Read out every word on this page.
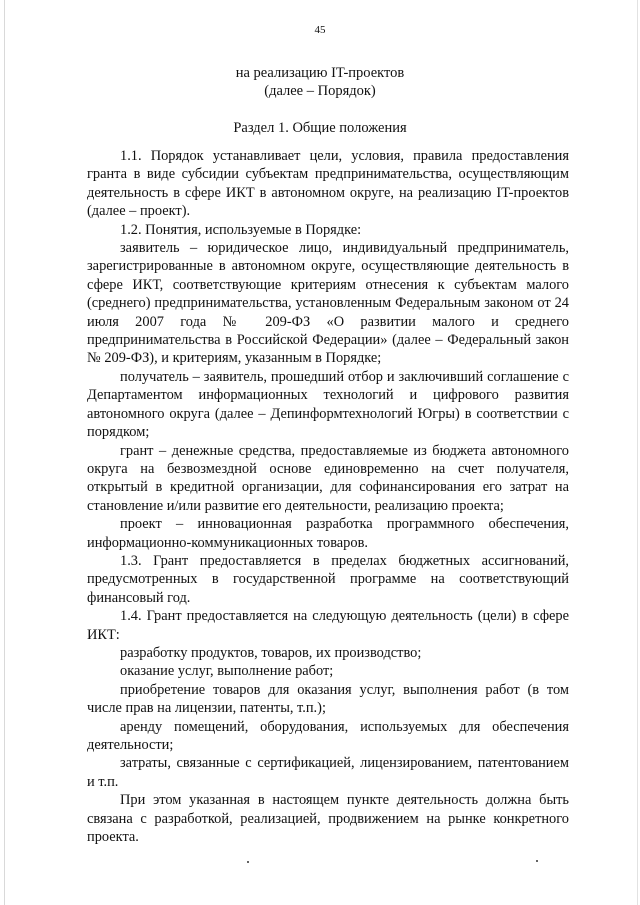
45
на реализацию IT-проектов
(далее – Порядок)
Раздел 1. Общие положения

1.1. Порядок устанавливает цели, условия, правила предоставления гранта в виде субсидии субъектам предпринимательства, осуществляющим деятельность в сфере ИКТ в автономном округе, на реализацию IT-проектов (далее – проект).

1.2. Понятия, используемые в Порядке:

заявитель – юридическое лицо, индивидуальный предприниматель, зарегистрированные в автономном округе, осуществляющие деятельность в сфере ИКТ, соответствующие критериям отнесения к субъектам малого (среднего) предпринимательства, установленным Федеральным законом от 24 июля 2007 года № 209-ФЗ «О развитии малого и среднего предпринимательства в Российской Федерации» (далее – Федеральный закон № 209-ФЗ), и критериям, указанным в Порядке;

получатель – заявитель, прошедший отбор и заключивший соглашение с Департаментом информационных технологий и цифрового развития автономного округа (далее – Депинформтехнологий Югры) в соответствии с порядком;

грант – денежные средства, предоставляемые из бюджета автономного округа на безвозмездной основе единовременно на счет получателя, открытый в кредитной организации, для софинансирования его затрат на становление и/или развитие его деятельности, реализацию проекта;

проект – инновационная разработка программного обеспечения, информационно-коммуникационных товаров.

1.3. Грант предоставляется в пределах бюджетных ассигнований, предусмотренных в государственной программе на соответствующий финансовый год.

1.4. Грант предоставляется на следующую деятельность (цели) в сфере ИКТ:

разработку продуктов, товаров, их производство;

оказание услуг, выполнение работ;

приобретение товаров для оказания услуг, выполнения работ (в том числе прав на лицензии, патенты, т.п.);

аренду помещений, оборудования, используемых для обеспечения деятельности;

затраты, связанные с сертификацией, лицензированием, патентованием и т.п.

При этом указанная в настоящем пункте деятельность должна быть связана с разработкой, реализацией, продвижением на рынке конкретного проекта.
